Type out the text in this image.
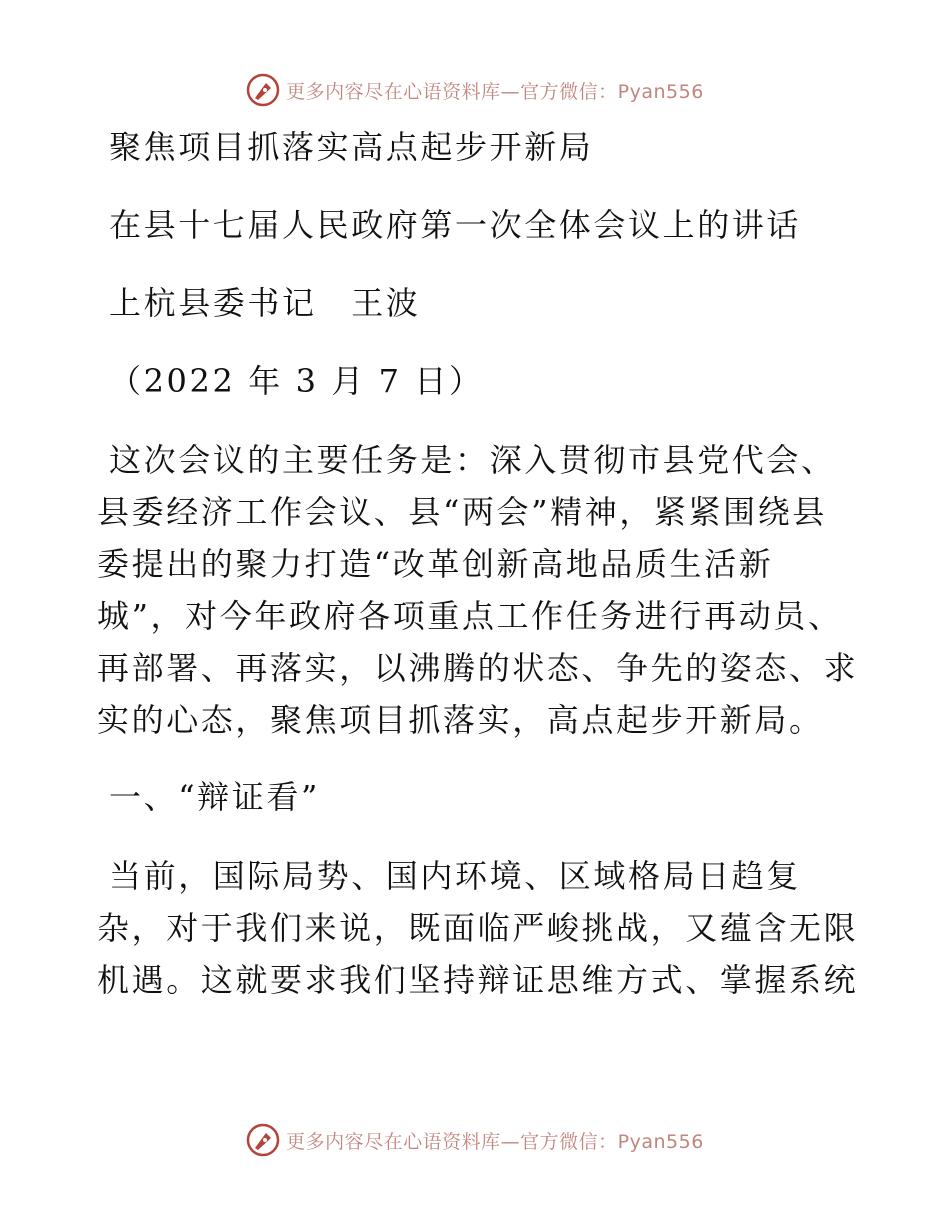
更多内容尽在心语资料库—官方微信：Pyan556

聚焦项目抓落实高点起步开新局

在县十七届人民政府第一次全体会议上的讲话

上杭县委书记　王波

（2022 年 3 月 7 日）

这次会议的主要任务是：深入贯彻市县党代会、

县委经济工作会议、县“两会”精神，紧紧围绕县

委提出的聚力打造“改革创新高地品质生活新

城”，对今年政府各项重点工作任务进行再动员、

再部署、再落实，以沸腾的状态、争先的姿态、求

实的心态，聚焦项目抓落实，高点起步开新局。

一、“辩证看”

当前，国际局势、国内环境、区域格局日趋复

杂，对于我们来说，既面临严峻挑战，又蕴含无限

机遇。这就要求我们坚持辩证思维方式、掌握系统

更多内容尽在心语资料库—官方微信：Pyan556
